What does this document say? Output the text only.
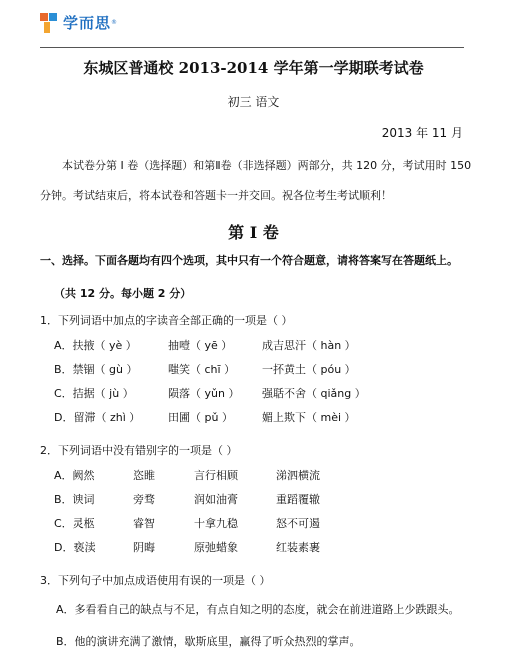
学而思 ®
东城区普通校 2013-2014 学年第一学期联考试卷
初三 语文
2013 年 11 月
本试卷分第 I 卷（选择题）和第Ⅱ卷（非选择题）两部分，共 120 分，考试用时 150
分钟。考试结束后，将本试卷和答题卡一并交回。祝各位考生考试顺利！
第 I 卷
一、选择。下面各题均有四个选项，其中只有一个符合题意，请将答案写在答题纸上。
（共 12 分。每小题 2 分）
1．下列词语中加点的字读音全部正确的一项是（ ）
A．扶掖（ yè ）	抽噎（ yē ）	成吉思汗（ hàn ）
B．禁锢（ gù ）	嗤笑（ chī ） 一抔黄土（ póu ）
C．拮据（ jù ）	陨落（ yǔn ） 强聒不舍（ qiǎng ）
D．留滞（ zhì ）	田圃（ pǔ ）	媚上欺下（ mèi ）
2．下列词语中没有错别字的一项是（ ）
A．阙然	恣睢	言行相顾	涕泗横流
B．谀词	旁骛	润如油膏	重蹈覆辙
C．灵柩	睿智	十拿九稳	怒不可遏
D．亵渎	阴晦	原弛蜡象	红装素裹
3．下列句子中加点成语使用有误的一项是（ ）
A．多看看自己的缺点与不足，有点自知之明的态度，就会在前进道路上少跌跟头。
B．他的演讲充满了激情，歇斯底里，赢得了听众热烈的掌声。
